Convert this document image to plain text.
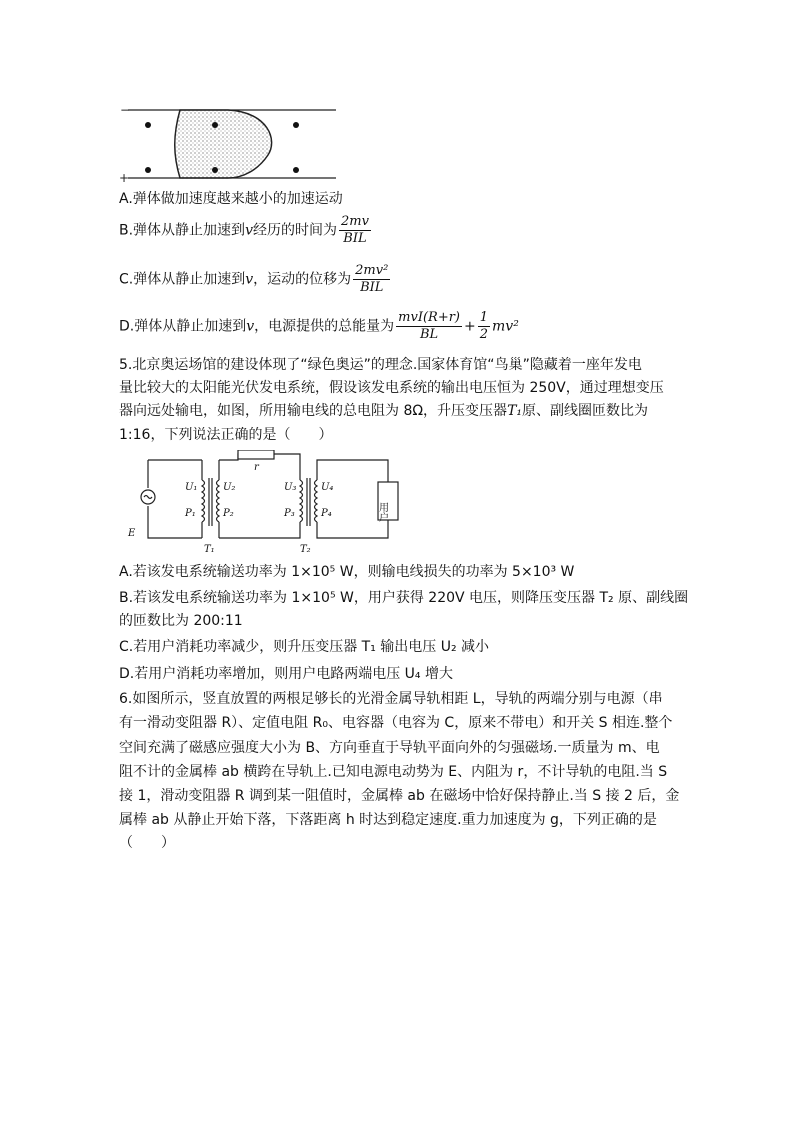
−
+
A.弹体做加速度越来越小的加速运动
B.弹体从静止加速到v经历的时间为 $\frac{2mv}{\text{BIL}}$
C.弹体从静止加速到v，运动的位移为 $\frac{\text{2mv²}}{\text{BIL}}$
D.弹体从静止加速到v，电源提供的总能量为 $\frac{\text{mvI(R+r)}}{BL} + \frac{1}{2} mv^2$
5.北京奥运场馆的建设体现了“绿色奥运”的理念.国家体育馆“鸟巢”隐藏着一座年发电
量比较大的太阳能光伏发电系统，假设该发电系统的输出电压恒为 250V，通过理想变压
器向远处输电，如图，所用输电线的总电阻为 8Ω，升压变压器T₁原、副线圈匝数比为
1:16，下列说法正确的是（　　）
r
E
U₁
P₁
U₂
P₂
U₃
P₃
U₄
P₄
T₁	T₂
用户
A.若该发电系统输送功率为 1×10⁵ W，则输电线损失的功率为 5×10³ W
B.若该发电系统输送功率为 1×10⁵ W，用户获得 220V 电压，则降压变压器 T₂ 原、副线圈
的匝数比为 200:11
C.若用户消耗功率减少，则升压变压器 T₁ 输出电压 U₂ 减小
D.若用户消耗功率增加，则用户电路两端电压 U₄ 增大
6.如图所示，竖直放置的两根足够长的光滑金属导轨相距 L，导轨的两端分别与电源（串
有一滑动变阻器 R）、定值电阻 R₀、电容器（电容为 C，原来不带电）和开关 S 相连.整个
空间充满了磁感应强度大小为 B、方向垂直于导轨平面向外的匀强磁场.一质量为 m、电
阻不计的金属棒 ab 横跨在导轨上.已知电源电动势为 E、内阻为 r，不计导轨的电阻.当 S
接 1，滑动变阻器 R 调到某一阻值时，金属棒 ab 在磁场中恰好保持静止.当 S 接 2 后，金
属棒 ab 从静止开始下落，下落距离 h 时达到稳定速度.重力加速度为 g，下列正确的是
（　　）
